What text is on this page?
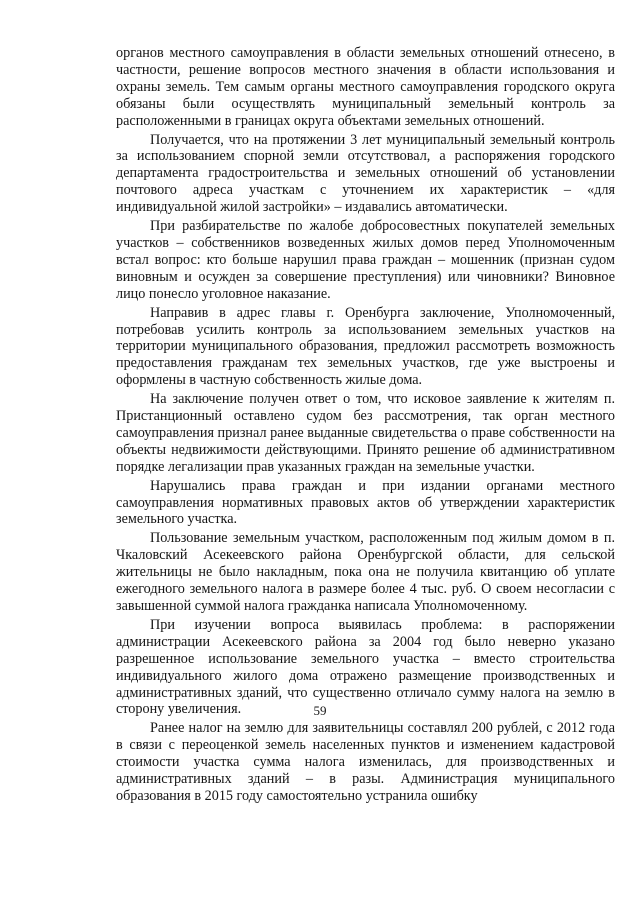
органов местного самоуправления в области земельных отношений отнесено, в частности, решение вопросов местного значения в области использования и охраны земель. Тем самым органы местного самоуправления городского округа обязаны были осуществлять муниципальный земельный контроль за расположенными в границах округа объектами земельных отношений.

Получается, что на протяжении 3 лет муниципальный земельный контроль за использованием спорной земли отсутствовал, а распоряжения городского департамента градостроительства и земельных отношений об установлении почтового адреса участкам с уточнением их характеристик – «для индивидуальной жилой застройки» – издавались автоматически.

При разбирательстве по жалобе добросовестных покупателей земельных участков – собственников возведенных жилых домов перед Уполномоченным встал вопрос: кто больше нарушил права граждан – мошенник (признан судом виновным и осужден за совершение преступления) или чиновники? Виновное лицо понесло уголовное наказание.

Направив в адрес главы г. Оренбурга заключение, Уполномоченный, потребовав усилить контроль за использованием земельных участков на территории муниципального образования, предложил рассмотреть возможность предоставления гражданам тех земельных участков, где уже выстроены и оформлены в частную собственность жилые дома.

На заключение получен ответ о том, что исковое заявление к жителям п. Пристанционный оставлено судом без рассмотрения, так орган местного самоуправления признал ранее выданные свидетельства о праве собственности на объекты недвижимости действующими. Принято решение об административном порядке легализации прав указанных граждан на земельные участки.

Нарушались права граждан и при издании органами местного самоуправления нормативных правовых актов об утверждении характеристик земельного участка.

Пользование земельным участком, расположенным под жилым домом в п. Чкаловский Асекеевского района Оренбургской области, для сельской жительницы не было накладным, пока она не получила квитанцию об уплате ежегодного земельного налога в размере более 4 тыс. руб. О своем несогласии с завышенной суммой налога гражданка написала Уполномоченному.

При изучении вопроса выявилась проблема: в распоряжении администрации Асекеевского района за 2004 год было неверно указано разрешенное использование земельного участка – вместо строительства индивидуального жилого дома отражено размещение производственных и административных зданий, что существенно отличало сумму налога на землю в сторону увеличения.

Ранее налог на землю для заявительницы составлял 200 рублей, с 2012 года в связи с переоценкой земель населенных пунктов и изменением кадастровой стоимости участка сумма налога изменилась, для производственных и административных зданий – в разы. Администрация муниципального образования в 2015 году самостоятельно устранила ошибку

59
